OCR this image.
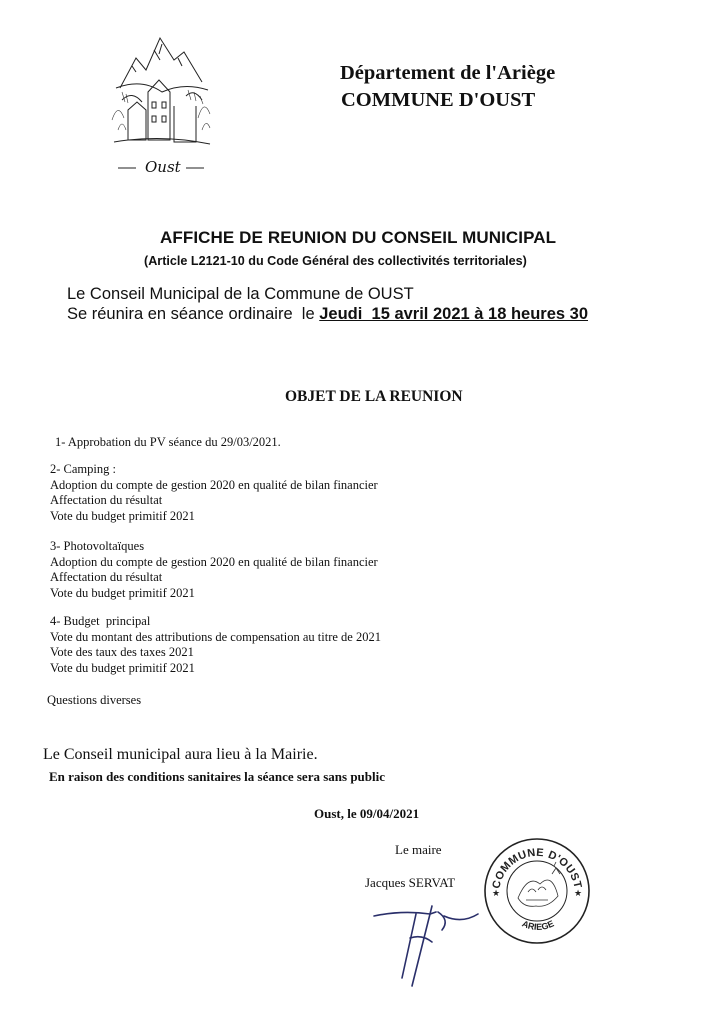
Oust
Département de l'Ariège
COMMUNE D'OUST
AFFICHE DE REUNION DU CONSEIL MUNICIPAL
(Article L2121-10 du Code Général des collectivités territoriales)
Le Conseil Municipal de la Commune de OUST
Se réunira en séance ordinaire  le Jeudi  15 avril 2021 à 18 heures 30
OBJET DE LA REUNION
1- Approbation du PV séance du 29/03/2021.
2- Camping :
Adoption du compte de gestion 2020 en qualité de bilan financier
Affectation du résultat
Vote du budget primitif 2021
3- Photovoltaïques
Adoption du compte de gestion 2020 en qualité de bilan financier
Affectation du résultat
Vote du budget primitif 2021
4- Budget  principal
Vote du montant des attributions de compensation au titre de 2021
Vote des taux des taxes 2021
Vote du budget primitif 2021
Questions diverses
Le Conseil municipal aura lieu à la Mairie.
En raison des conditions sanitaires la séance sera sans public
Oust, le 09/04/2021
Le maire
Jacques SERVAT	COMMUNE D'OUST
ARIEGE
★	★
